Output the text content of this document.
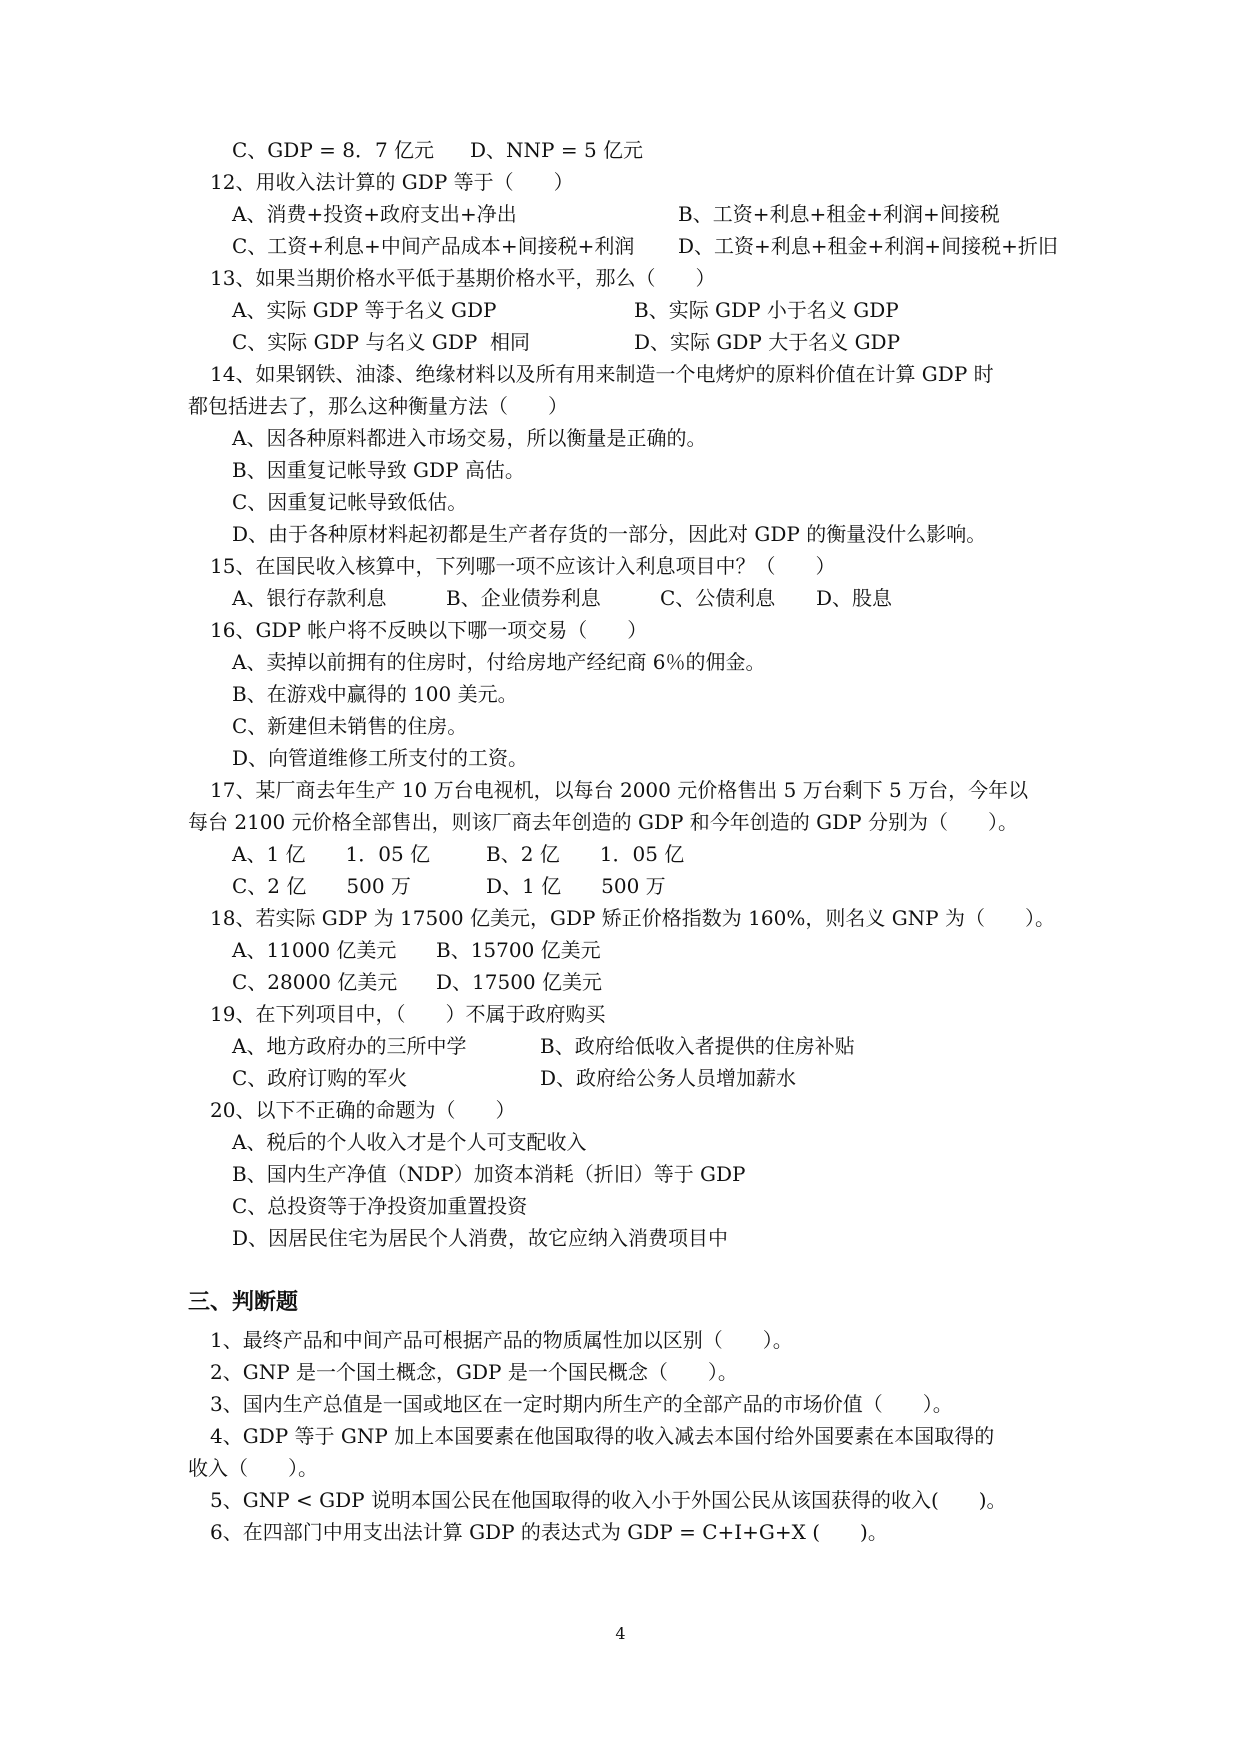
C、GDP = 8．7 亿元 D、NNP = 5 亿元
12、用收入法计算的 GDP 等于（　　）
A、消费+投资+政府支出+净出	B、工资+利息+租金+利润+间接税
C、工资+利息+中间产品成本+间接税+利润 D、工资+利息+租金+利润+间接税+折旧
13、如果当期价格水平低于基期价格水平，那么（　　）
A、实际 GDP 等于名义 GDP	B、实际 GDP 小于名义 GDP
C、实际 GDP 与名义 GDP  相同	D、实际 GDP 大于名义 GDP
14、如果钢铁、油漆、绝缘材料以及所有用来制造一个电烤炉的原料价值在计算 GDP 时
都包括进去了，那么这种衡量方法（　　）
A、因各种原料都进入市场交易，所以衡量是正确的。
B、因重复记帐导致 GDP 高估。
C、因重复记帐导致低估。
D、由于各种原材料起初都是生产者存货的一部分，因此对 GDP 的衡量没什么影响。
15、在国民收入核算中，下列哪一项不应该计入利息项目中？（　　）
A、银行存款利息	B、企业债券利息	C、公债利息 D、股息
16、GDP 帐户将不反映以下哪一项交易（　　）
A、卖掉以前拥有的住房时，付给房地产经纪商 6％的佣金。
B、在游戏中赢得的 100 美元。
C、新建但未销售的住房。
D、向管道维修工所支付的工资。
17、某厂商去年生产 10 万台电视机，以每台 2000 元价格售出 5 万台剩下 5 万台，今年以
每台 2100 元价格全部售出，则该厂商去年创造的 GDP 和今年创造的 GDP 分别为（　　）。
A、1 亿　　1．05 亿	B、2 亿　　1．05 亿
C、2 亿　　500 万	D、1 亿　　500 万
18、若实际 GDP 为 17500 亿美元，GDP 矫正价格指数为 160%，则名义 GNP 为（　　）。
A、11000 亿美元 B、15700 亿美元
C、28000 亿美元 D、17500 亿美元
19、在下列项目中，（　　）不属于政府购买
A、地方政府办的三所中学	B、政府给低收入者提供的住房补贴
C、政府订购的军火	D、政府给公务人员增加薪水
20、以下不正确的命题为（　　）
A、税后的个人收入才是个人可支配收入
B、国内生产净值（NDP）加资本消耗（折旧）等于 GDP
C、总投资等于净投资加重置投资
D、因居民住宅为居民个人消费，故它应纳入消费项目中
三、判断题
1、最终产品和中间产品可根据产品的物质属性加以区别（　　）。
2、GNP 是一个国土概念，GDP 是一个国民概念（　　）。
3、国内生产总值是一国或地区在一定时期内所生产的全部产品的市场价值（　　）。
4、GDP 等于 GNP 加上本国要素在他国取得的收入减去本国付给外国要素在本国取得的
收入（　　）。
5、GNP < GDP 说明本国公民在他国取得的收入小于外国公民从该国获得的收入(　　)。
6、在四部门中用支出法计算 GDP 的表达式为 GDP = C+I+G+X (　　)。
4
